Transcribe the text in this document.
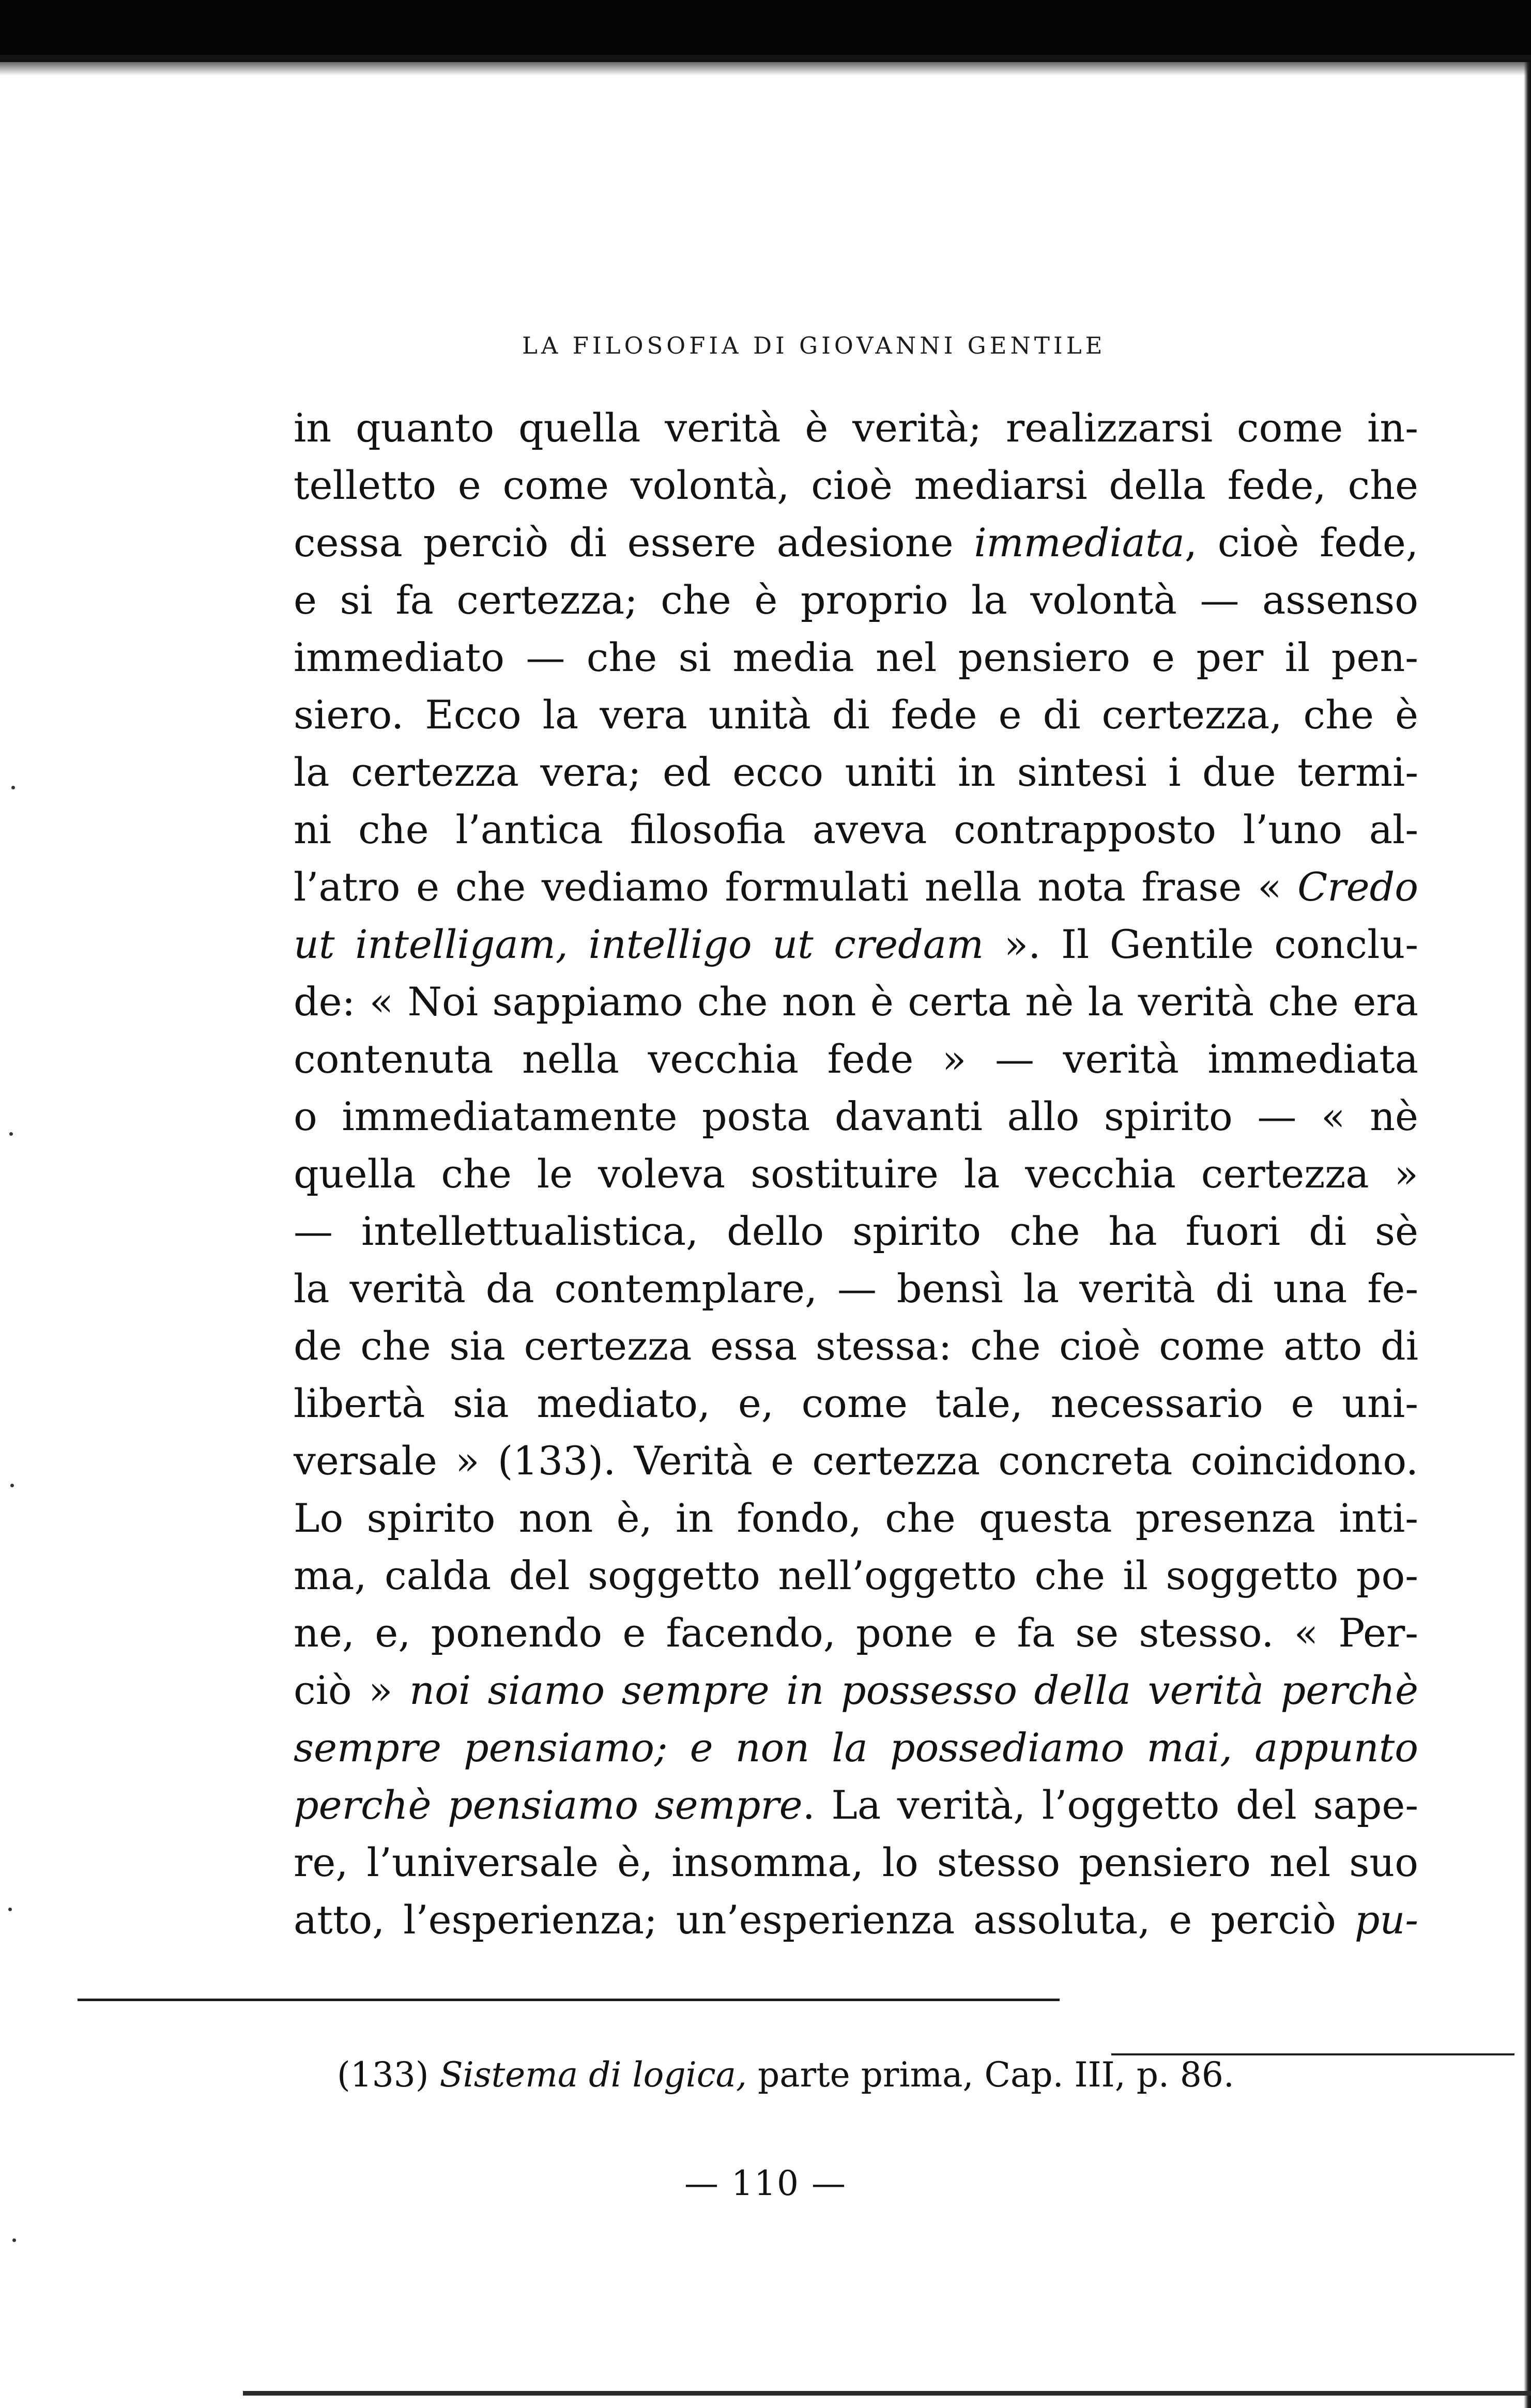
LA FILOSOFIA DI GIOVANNI GENTILE
in quanto quella verità è verità; realizzarsi come in-
telletto e come volontà, cioè mediarsi della fede, che
cessa perciò di essere adesione immediata, cioè fede,
e si fa certezza; che è proprio la volontà — assenso
immediato — che si media nel pensiero e per il pen-
siero. Ecco la vera unità di fede e di certezza, che è
la certezza vera; ed ecco uniti in sintesi i due termi-
ni che l’antica filosofia aveva contrapposto l’uno al-
l’atro e che vediamo formulati nella nota frase « Credo
ut intelligam, intelligo ut credam ». Il Gentile conclu-
de: « Noi sappiamo che non è certa nè la verità che era
contenuta nella vecchia fede » — verità immediata
o immediatamente posta davanti allo spirito — « nè
quella che le voleva sostituire la vecchia certezza »
— intellettualistica, dello spirito che ha fuori di sè
la verità da contemplare, — bensì la verità di una fe-
de che sia certezza essa stessa: che cioè come atto di
libertà sia mediato, e, come tale, necessario e uni-
versale » (133). Verità e certezza concreta coincidono.
Lo spirito non è, in fondo, che questa presenza inti-
ma, calda del soggetto nell’oggetto che il soggetto po-
ne, e, ponendo e facendo, pone e fa se stesso. « Per-
ciò » noi siamo sempre in possesso della verità perchè
sempre pensiamo; e non la possediamo mai, appunto
perchè pensiamo sempre. La verità, l’oggetto del sape-
re, l’universale è, insomma, lo stesso pensiero nel suo
atto, l’esperienza; un’esperienza assoluta, e perciò pu-
(133) Sistema di logica, parte prima, Cap. III, p. 86.
— 110 —
